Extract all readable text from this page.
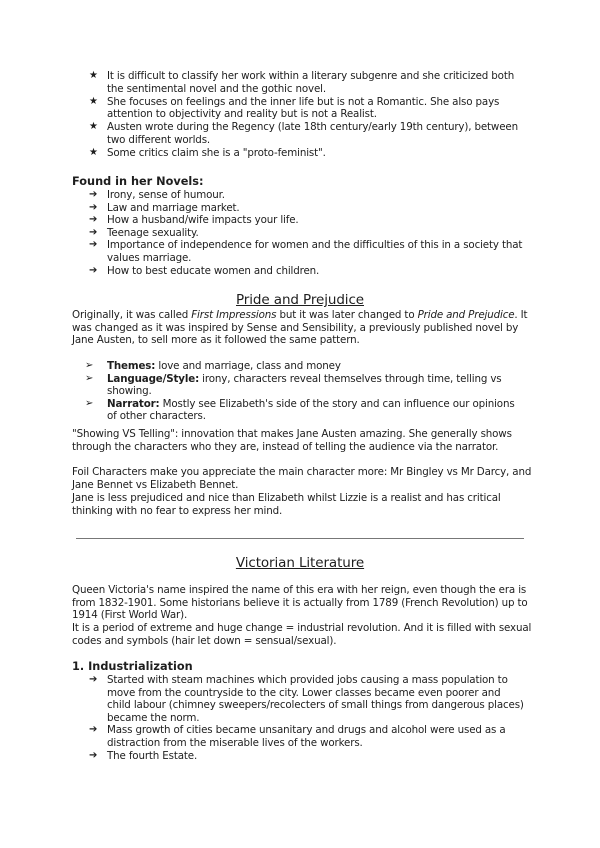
★ It is difficult to classify her work within a literary subgenre and she criticized both the sentimental novel and the gothic novel.
★ She focuses on feelings and the inner life but is not a Romantic. She also pays attention to objectivity and reality but is not a Realist.
★ Austen wrote during the Regency (late 18th century/early 19th century), between two different worlds.
★ Some critics claim she is a "proto-feminist".
Found in her Novels:
➔ Irony, sense of humour.
➔ Law and marriage market.
➔ How a husband/wife impacts your life.
➔ Teenage sexuality.
➔ Importance of independence for women and the difficulties of this in a society that values marriage.
➔ How to best educate women and children.
Pride and Prejudice
Originally, it was called First Impressions but it was later changed to Pride and Prejudice. It was changed as it was inspired by Sense and Sensibility, a previously published novel by Jane Austen, to sell more as it followed the same pattern.
➢ Themes: love and marriage, class and money
➢ Language/Style: irony, characters reveal themselves through time, telling vs showing.
➢ Narrator: Mostly see Elizabeth's side of the story and can influence our opinions of other characters.
"Showing VS Telling": innovation that makes Jane Austen amazing. She generally shows through the characters who they are, instead of telling the audience via the narrator.
Foil Characters make you appreciate the main character more: Mr Bingley vs Mr Darcy, and Jane Bennet vs Elizabeth Bennet.
Jane is less prejudiced and nice than Elizabeth whilst Lizzie is a realist and has critical thinking with no fear to express her mind.
Victorian Literature
Queen Victoria's name inspired the name of this era with her reign, even though the era is from 1832-1901. Some historians believe it is actually from 1789 (French Revolution) up to 1914 (First World War).
It is a period of extreme and huge change = industrial revolution. And it is filled with sexual codes and symbols (hair let down = sensual/sexual).
1. Industrialization
➔ Started with steam machines which provided jobs causing a mass population to move from the countryside to the city. Lower classes became even poorer and child labour (chimney sweepers/recolecters of small things from dangerous places) became the norm.
➔ Mass growth of cities became unsanitary and drugs and alcohol were used as a distraction from the miserable lives of the workers.
➔ The fourth Estate.
